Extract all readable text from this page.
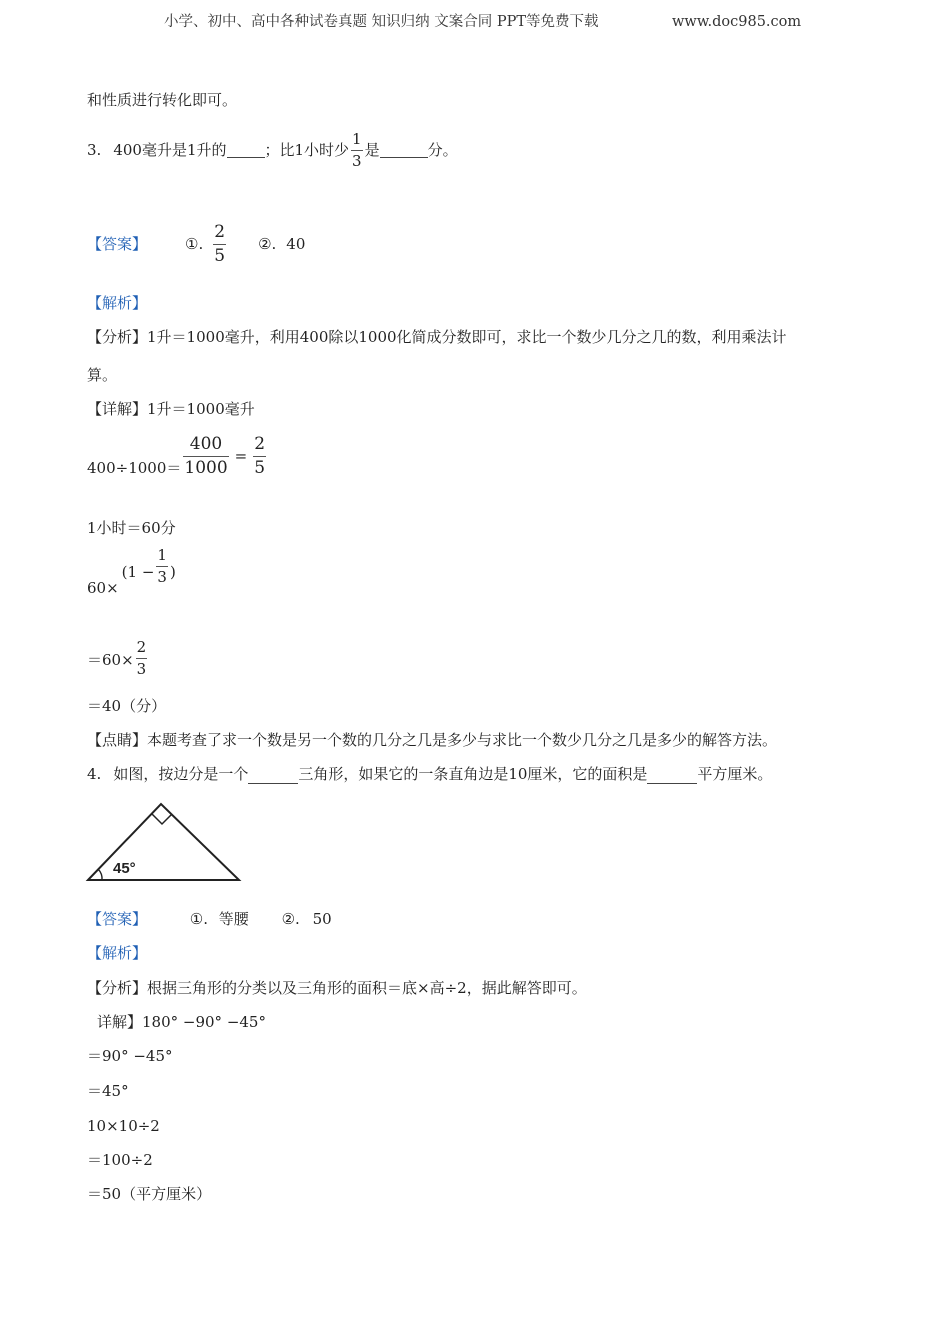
小学、初中、高中各种试卷真题 知识归纳 文案合同 PPT等免费下载	www.doc985.com
和性质进行转化即可。
3. 400毫升是1升的	；比1小时少 $\frac{1}{3}$ 是	分。
【答案】	①. $\frac{2}{5}$ ②. 40
【解析】
【分析】1升＝1000毫升，利用400除以1000化简成分数即可，求比一个数少几分之几的数，利用乘法计
算。
【详解】1升＝1000毫升
$400\div 1000= \frac{400}{1000} = \frac{2}{5}$
1小时＝60分
60×
($1 - \frac{1}{3}$ )
$=60\times \frac{2}{3}$
＝40（分）
【点睛】本题考查了求一个数是另一个数的几分之几是多少与求比一个数少几分之几是多少的解答方法。
4. 如图，按边分是一个	三角形，如果它的一条直角边是10厘米，它的面积是	平方厘米。
45°
【答案】	①. 等腰 ②. 50
【解析】
【分析】根据三角形的分类以及三角形的面积＝底×高÷2，据此解答即可。
详解】180° −90° −45°
＝90° −45°
＝45°
10×10÷2
＝100÷2
＝50（平方厘米）
